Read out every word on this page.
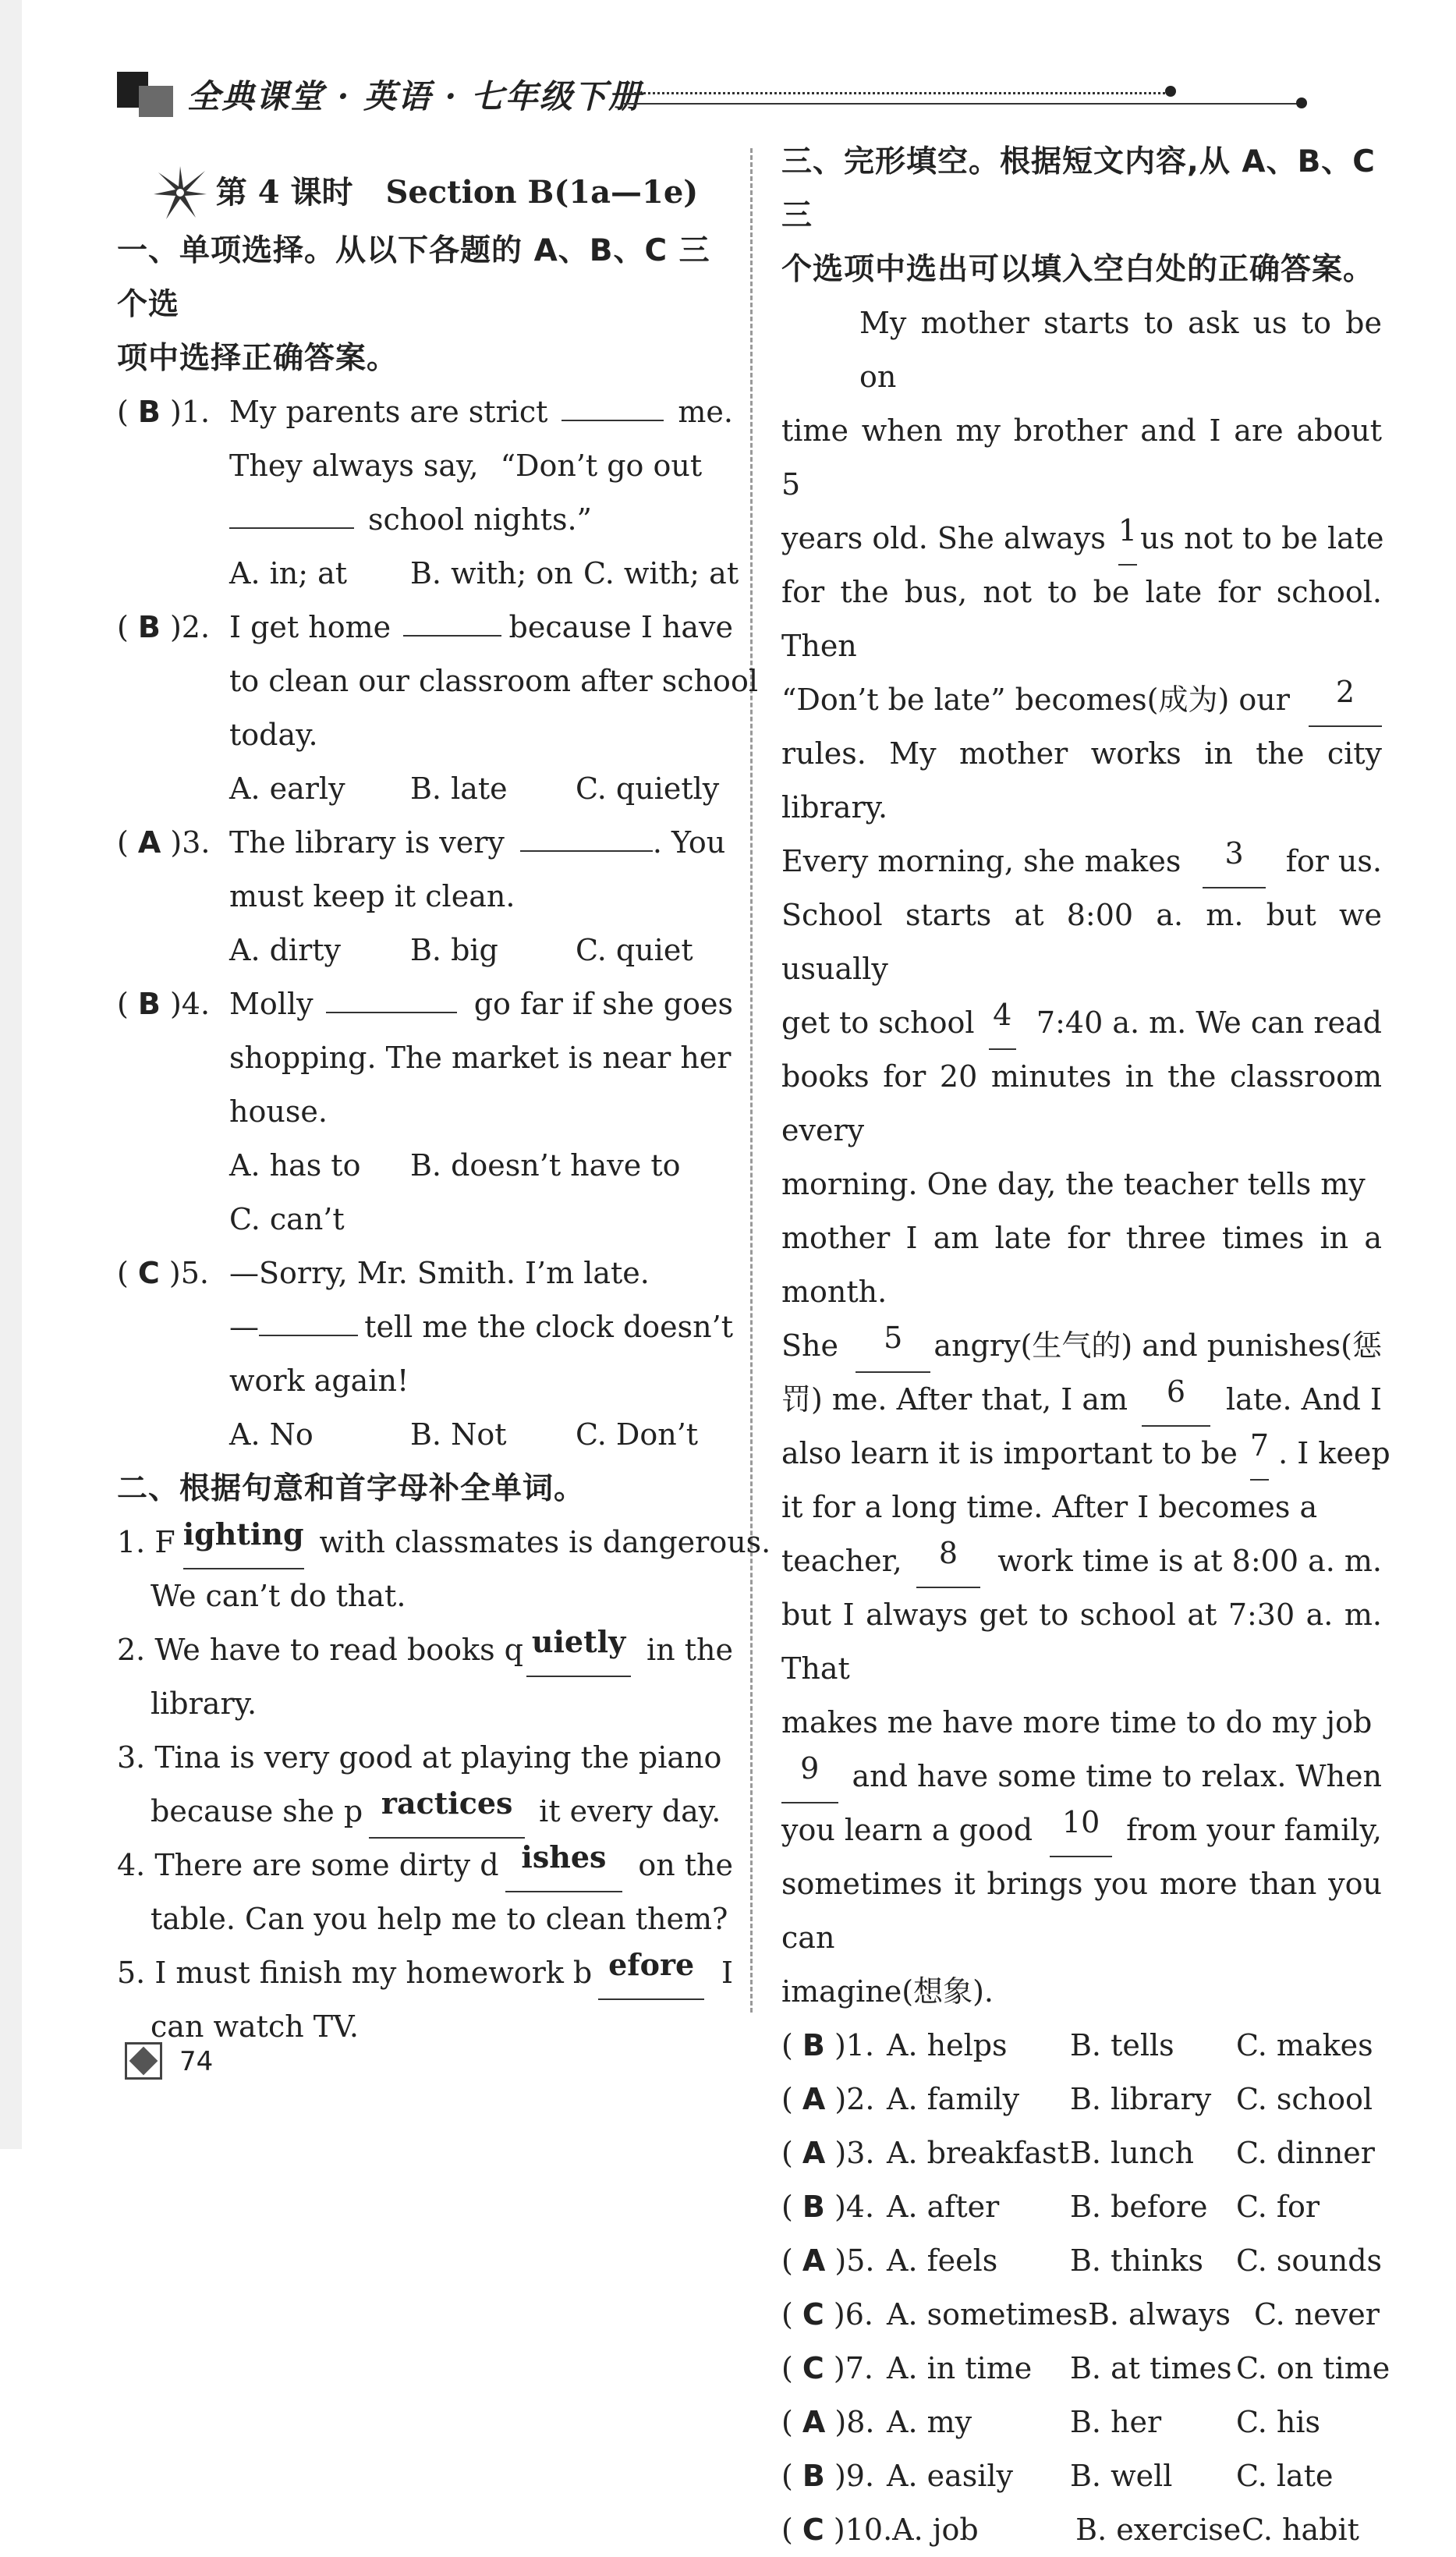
全典课堂 · 英语 · 七年级下册
第 4 课时 Section B(1a—1e)
一、单项选择。从以下各题的 A、B、C 三个选
项中选择正确答案。
( B )1. My parents are strict	me.
They always say, “Don’t go out
school nights.”
A. in; at	B. with; on C. with; at
( B )2. I get home	because I have
to clean our classroom after school
today.
A. early	B. late	C. quietly
( A )3. The library is very	. You
must keep it clean.
A. dirty	B. big	C. quiet
( B )4. Molly	go far if she goes
shopping. The market is near her
house.
A. has to	B. doesn’t have to
C. can’t
( C )5. —Sorry, Mr. Smith. I’m late.
—	tell me the clock doesn’t
work again!
A. No	B. Not	C. Don’t
二、根据句意和首字母补全单词。
1. F ighting with classmates is dangerous.
We can’t do that.
2. We have to read books q uietly in the
library.
3. Tina is very good at playing the piano
because she p ractices it every day.
4. There are some dirty d ishes	on the
table. Can you help me to clean them?
5. I must finish my homework b efore I
can watch TV.
三、完形填空。根据短文内容,从 A、B、C 三
个选项中选出可以填入空白处的正确答案。
My mother starts to ask us to be on
time when my brother and I are about 5
years old. She always 1 us not to be late
for the bus, not to be late for school. Then
“Don’t be late” becomes(成为) our	2
rules. My mother works in the city library.
Every morning, she makes	3	for us.
School starts at 8:00 a. m. but we usually
get to school 4 7:40 a. m. We can read
books for 20 minutes in the classroom every
morning. One day, the teacher tells my
mother I am late for three times in a month.
She	5	angry(生气的) and punishes(惩
罚) me. After that, I am	6	late. And I
also learn it is important to be 7 . I keep
it for a long time. After I becomes a
teacher,	8	work time is at 8:00 a. m.
but I always get to school at 7:30 a. m. That
makes me have more time to do my job
9	and have some time to relax. When
you learn a good 10 from your family,
sometimes it brings you more than you can
imagine(想象).
( B )1. A. helps	B. tells	C. makes
( A )2. A. family	B. library C. school
( A )3. A. breakfast B. lunch	C. dinner
( B )4. A. after	B. before C. for
( A )5. A. feels	B. thinks	C. sounds
( C )6. A. sometimes B. always C. never
( C )7. A. in time	B. at times C. on time
( A )8. A. my	B. her	C. his
( B )9. A. easily	B. well	C. late
( C )10. A. job	B. exercise C. habit
74
